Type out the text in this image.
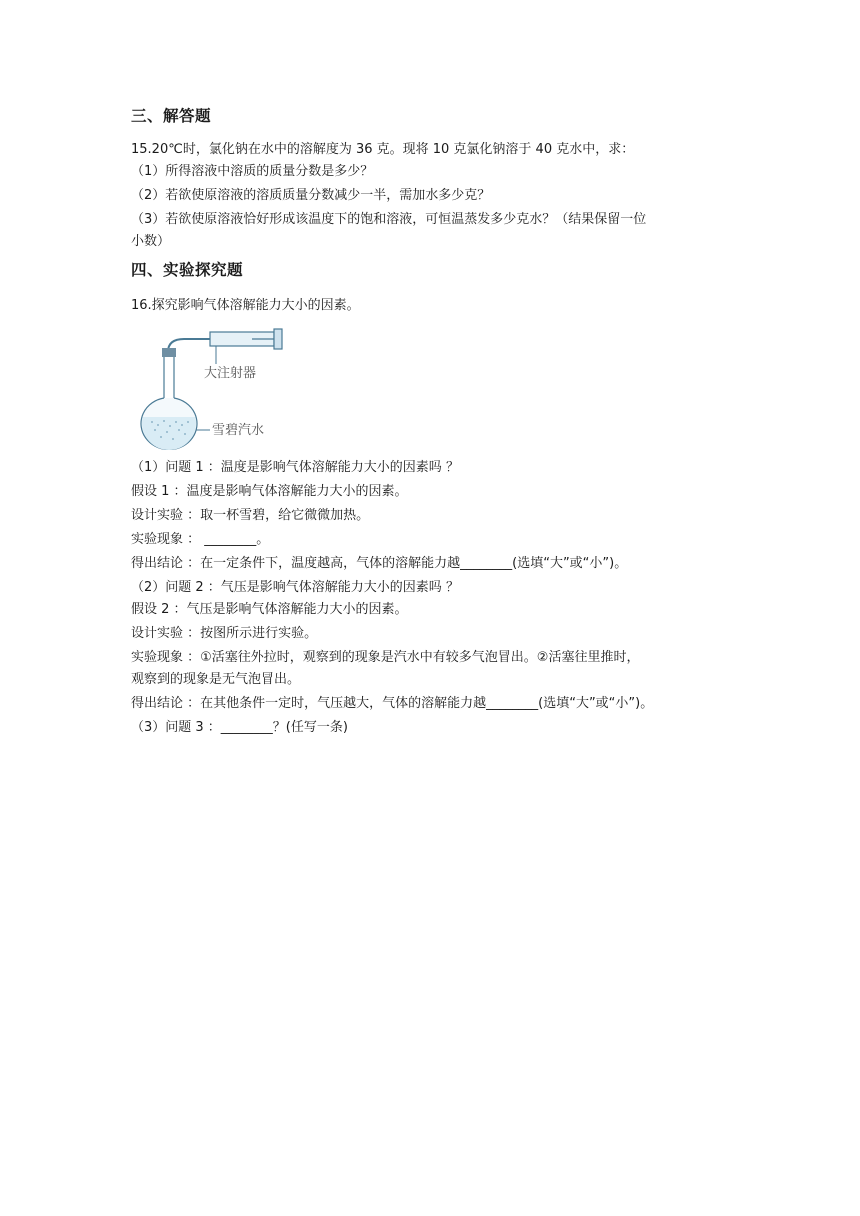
三、解答题
15.20℃时，氯化钠在水中的溶解度为 36 克。现将 10 克氯化钠溶于 40 克水中，求：
（1）所得溶液中溶质的质量分数是多少？
（2）若欲使原溶液的溶质质量分数减少一半，需加水多少克？
（3）若欲使原溶液恰好形成该温度下的饱和溶液，可恒温蒸发多少克水？（结果保留一位
小数）
四、实验探究题
16.探究影响气体溶解能力大小的因素。
大注射器
雪碧汽水
（1）问题 1 ：温度是影响气体溶解能力大小的因素吗 ？
假设 1 ：温度是影响气体溶解能力大小的因素。
设计实验 ：取一杯雪碧，给它微微加热。
实验现象 ： ________。
得出结论 ：在一定条件下，温度越高，气体的溶解能力越________(选填“大”或“小”)。
（2）问题 2 ：气压是影响气体溶解能力大小的因素吗 ？
假设 2 ：气压是影响气体溶解能力大小的因素。
设计实验 ：按图所示进行实验。
实验现象 ：①活塞往外拉时，观察到的现象是汽水中有较多气泡冒出。②活塞往里推时，
观察到的现象是无气泡冒出。
得出结论 ：在其他条件一定时，气压越大，气体的溶解能力越________(选填“大”或“小”)。
（3）问题 3 ：________？(任写一条)
